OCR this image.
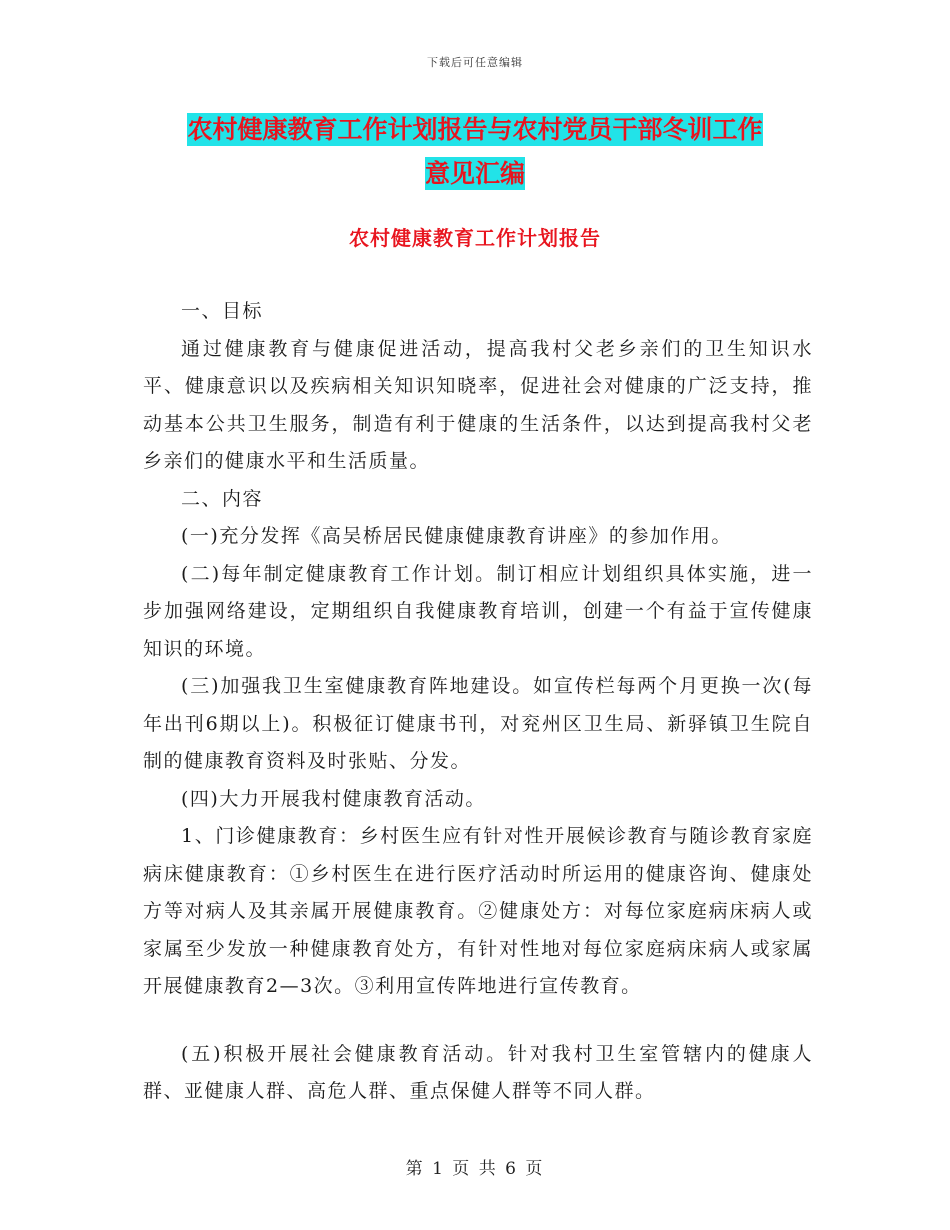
下载后可任意编辑
农村健康教育工作计划报告与农村党员干部冬训工作
意见汇编
农村健康教育工作计划报告

一、目标

通过健康教育与健康促进活动，提高我村父老乡亲们的卫生知识水平、健康意识以及疾病相关知识知晓率，促进社会对健康的广泛支持，推动基本公共卫生服务，制造有利于健康的生活条件，以达到提高我村父老乡亲们的健康水平和生活质量。

二、内容

(一)充分发挥《高吴桥居民健康健康教育讲座》的参加作用。

(二)每年制定健康教育工作计划。制订相应计划组织具体实施，进一步加强网络建设，定期组织自我健康教育培训，创建一个有益于宣传健康知识的环境。

(三)加强我卫生室健康教育阵地建设。如宣传栏每两个月更换一次(每年出刊6期以上)。积极征订健康书刊，对兖州区卫生局、新驿镇卫生院自制的健康教育资料及时张贴、分发。

(四)大力开展我村健康教育活动。

1、门诊健康教育：乡村医生应有针对性开展候诊教育与随诊教育家庭病床健康教育：①乡村医生在进行医疗活动时所运用的健康咨询、健康处方等对病人及其亲属开展健康教育。②健康处方：对每位家庭病床病人或家属至少发放一种健康教育处方，有针对性地对每位家庭病床病人或家属开展健康教育2—3次。③利用宣传阵地进行宣传教育。

(五)积极开展社会健康教育活动。针对我村卫生室管辖内的健康人群、亚健康人群、高危人群、重点保健人群等不同人群。

第 1 页 共 6 页
